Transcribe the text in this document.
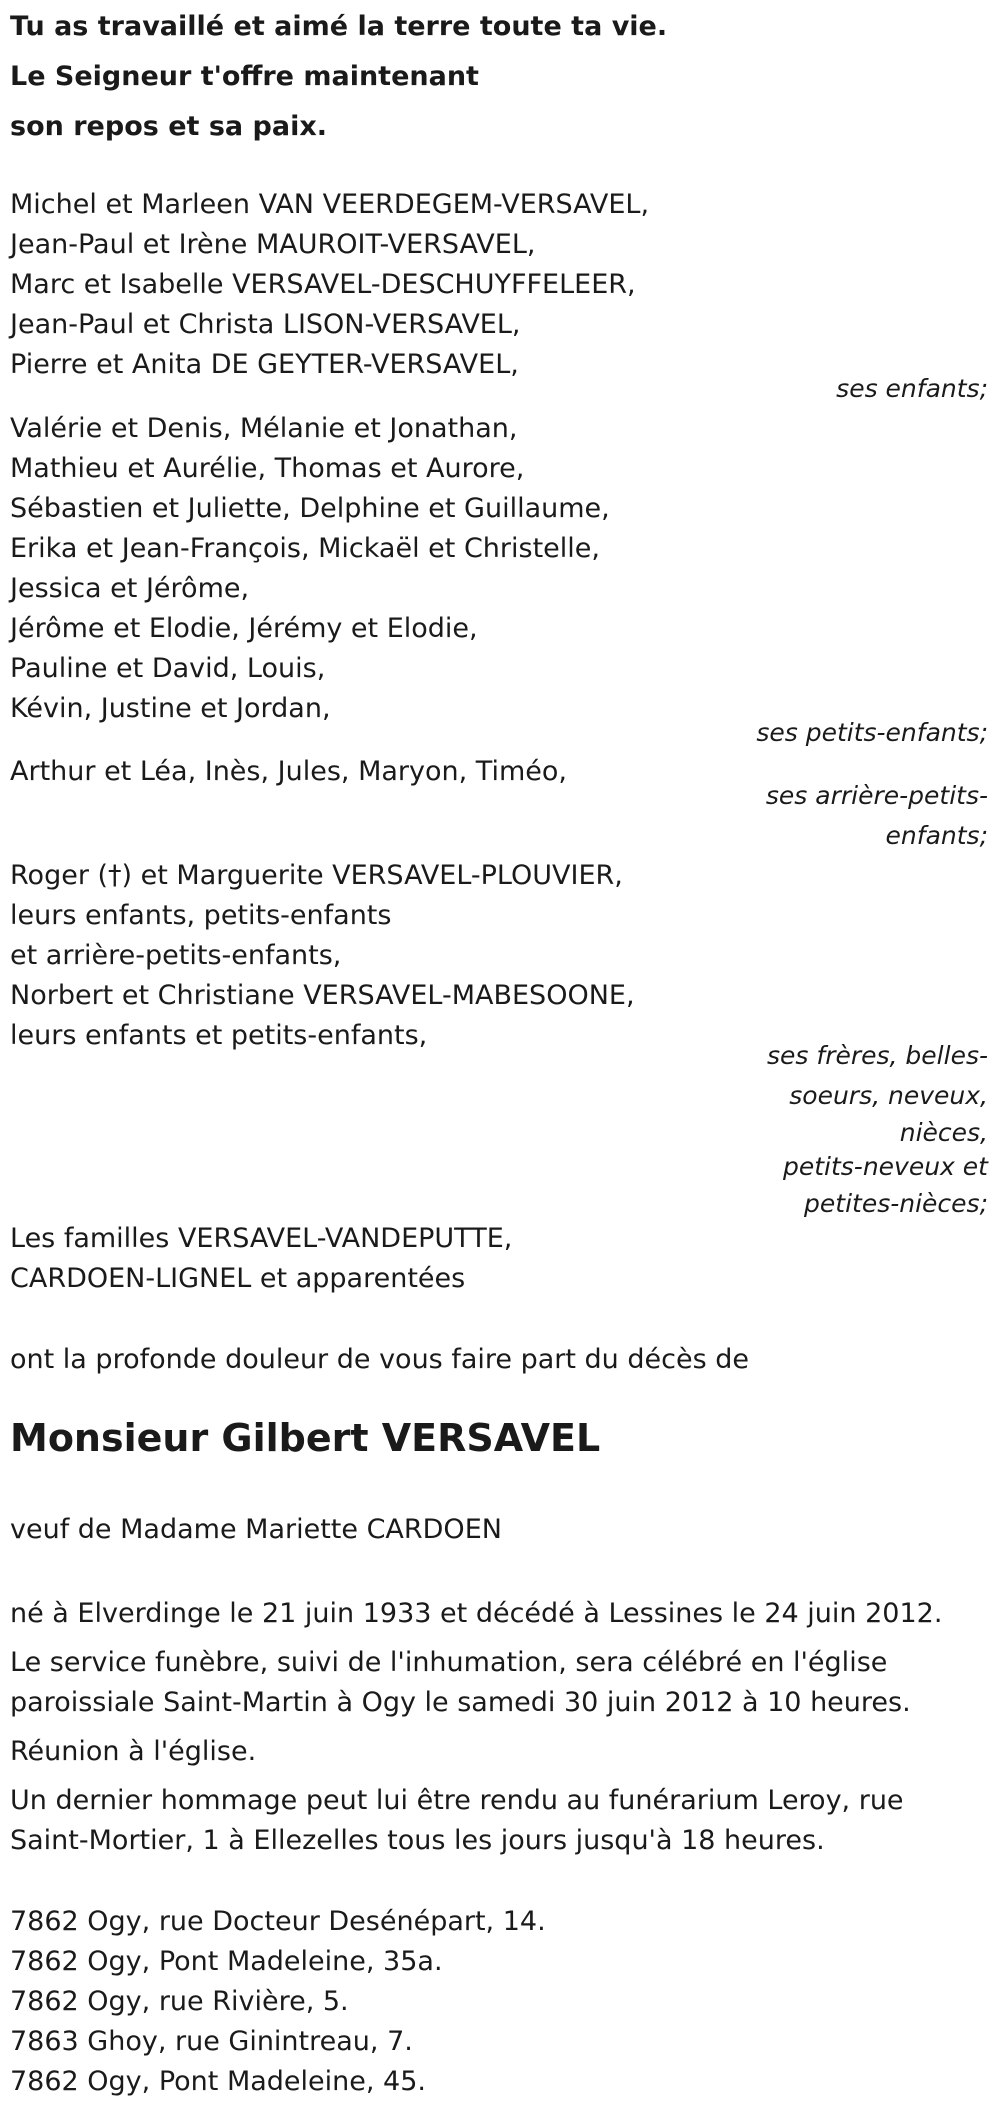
Tu as travaillé et aimé la terre toute ta vie.
Le Seigneur t'offre maintenant
son repos et sa paix.
Michel et Marleen VAN VEERDEGEM-VERSAVEL,
Jean-Paul et Irène MAUROIT-VERSAVEL,
Marc et Isabelle VERSAVEL-DESCHUYFFELEER,
Jean-Paul et Christa LISON-VERSAVEL,
Pierre et Anita DE GEYTER-VERSAVEL,
ses enfants;
Valérie et Denis, Mélanie et Jonathan,
Mathieu et Aurélie, Thomas et Aurore,
Sébastien et Juliette, Delphine et Guillaume,
Erika et Jean-François, Mickaël et Christelle,
Jessica et Jérôme,
Jérôme et Elodie, Jérémy et Elodie,
Pauline et David, Louis,
Kévin, Justine et Jordan,
ses petits-enfants;
Arthur et Léa, Inès, Jules, Maryon, Timéo,
ses arrière-petits-
enfants;
Roger (†) et Marguerite VERSAVEL-PLOUVIER,
leurs enfants, petits-enfants
et arrière-petits-enfants,
Norbert et Christiane VERSAVEL-MABESOONE,
leurs enfants et petits-enfants,
ses frères, belles-
soeurs, neveux,
nièces,
petits-neveux et
petites-nièces;
Les familles VERSAVEL-VANDEPUTTE,
CARDOEN-LIGNEL et apparentées
ont la profonde douleur de vous faire part du décès de
Monsieur Gilbert VERSAVEL
veuf de Madame Mariette CARDOEN
né à Elverdinge le 21 juin 1933 et décédé à Lessines le 24 juin 2012.
Le service funèbre, suivi de l'inhumation, sera célébré en l'église paroissiale Saint-Martin à Ogy le samedi 30 juin 2012 à 10 heures.
Réunion à l'église.
Un dernier hommage peut lui être rendu au funérarium Leroy, rue Saint-Mortier, 1 à Ellezelles tous les jours jusqu'à 18 heures.
7862 Ogy, rue Docteur Desénépart, 14.
7862 Ogy, Pont Madeleine, 35a.
7862 Ogy, rue Rivière, 5.
7863 Ghoy, rue Ginintreau, 7.
7862 Ogy, Pont Madeleine, 45.
